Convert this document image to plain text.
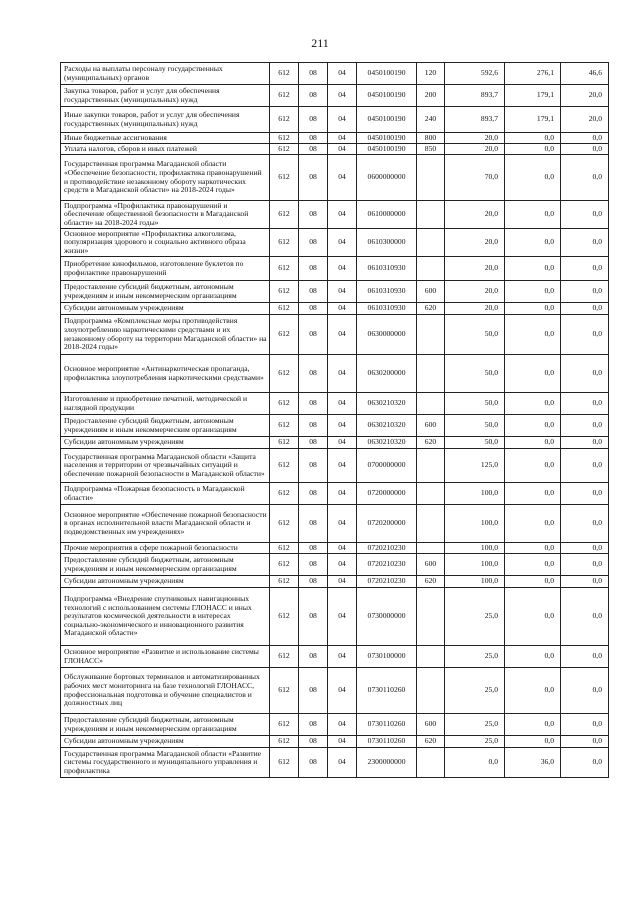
211
Расходы на выплаты персоналу государственных (муниципальных) органов	612	08	04	0450100190	120	592,6	276,1	46,6
Закупка товаров, работ и услуг для обеспечения государственных (муниципальных) нужд	612	08	04	0450100190	200	893,7	179,1	20,0
Иные закупки товаров, работ и услуг для обеспечения государственных (муниципальных) нужд	612	08	04	0450100190	240	893,7	179,1	20,0
Иные бюджетные ассигнования	612	08	04	0450100190	800	20,0	0,0	0,0
Уплата налогов, сборов и иных платежей	612	08	04	0450100190	850	20,0	0,0	0,0
Государственная программа Магаданской области «Обеспечение безопасности, профилактика правонарушений и противодействие незаконному обороту наркотических средств в Магаданской области» на 2018-2024 годы»	612	08	04	0600000000		70,0	0,0	0,0
Подпрограмма «Профилактика правонарушений и обеспечение общественной безопасности в Магаданской области» на 2018-2024 годы»	612	08	04	0610000000		20,0	0,0	0,0
Основное мероприятие «Профилактика алкоголизма, популяризация здорового и социально активного образа жизни»	612	08	04	0610300000		20,0	0,0	0,0
Приобретение кинофильмов, изготовление буклетов по профилактике правонарушений	612	08	04	0610310930		20,0	0,0	0,0
Предоставление субсидий бюджетным, автономным учреждениям и иным некоммерческим организациям	612	08	04	0610310930	600	20,0	0,0	0,0
Субсидии автономным учреждениям	612	08	04	0610310930	620	20,0	0,0	0,0
Подпрограмма «Комплексные меры противодействия злоупотреблению наркотическими средствами и их незаконному обороту на территории Магаданской области» на 2018-2024 годы»	612	08	04	0630000000		50,0	0,0	0,0
Основное мероприятие «Антинаркотическая пропаганда, профилактика злоупотребления наркотическими средствами»	612	08	04	0630200000		50,0	0,0	0,0
Изготовление и приобретение печатной, методической и наглядной продукции	612	08	04	0630210320		50,0	0,0	0,0
Предоставление субсидий бюджетным, автономным учреждениям и иным некоммерческим организациям	612	08	04	0630210320	600	50,0	0,0	0,0
Субсидии автономным учреждениям	612	08	04	0630210320	620	50,0	0,0	0,0
Государственная программа Магаданской области «Защита населения и территории от чрезвычайных ситуаций и обеспечение пожарной безопасности в Магаданской области»	612	08	04	0700000000		125,0	0,0	0,0
Подпрограмма «Пожарная безопасность в Магаданской области»	612	08	04	0720000000		100,0	0,0	0,0
Основное мероприятие «Обеспечение пожарной безопасности в органах исполнительной власти Магаданской области и подведомственных им учреждениях»	612	08	04	0720200000		100,0	0,0	0,0
Прочие мероприятия в сфере пожарной безопасности	612	08	04	0720210230		100,0	0,0	0,0
Предоставление субсидий бюджетным, автономным учреждениям и иным некоммерческим организациям	612	08	04	0720210230	600	100,0	0,0	0,0
Субсидии автономным учреждениям	612	08	04	0720210230	620	100,0	0,0	0,0
Подпрограмма «Внедрение спутниковых навигационных технологий с использованием системы ГЛОНАСС и иных результатов космической деятельности в интересах социально-экономического и инновационного развития Магаданской области»	612	08	04	0730000000		25,0	0,0	0,0
Основное мероприятие «Развитие и использование системы ГЛОНАСС»	612	08	04	0730100000		25,0	0,0	0,0
Обслуживание бортовых терминалов и автоматизированных рабочих мест мониторинга на базе технологий ГЛОНАСС, профессиональная подготовка и обучение специалистов и должностных лиц	612	08	04	0730110260		25,0	0,0	0,0
Предоставление субсидий бюджетным, автономным учреждениям и иным некоммерческим организациям	612	08	04	0730110260	600	25,0	0,0	0,0
Субсидии автономным учреждениям	612	08	04	0730110260	620	25,0	0,0	0,0
Государственная программа Магаданской области «Развитие системы государственного и муниципального управления и профилактика	612	08	04	2300000000		0,0	36,0	0,0
